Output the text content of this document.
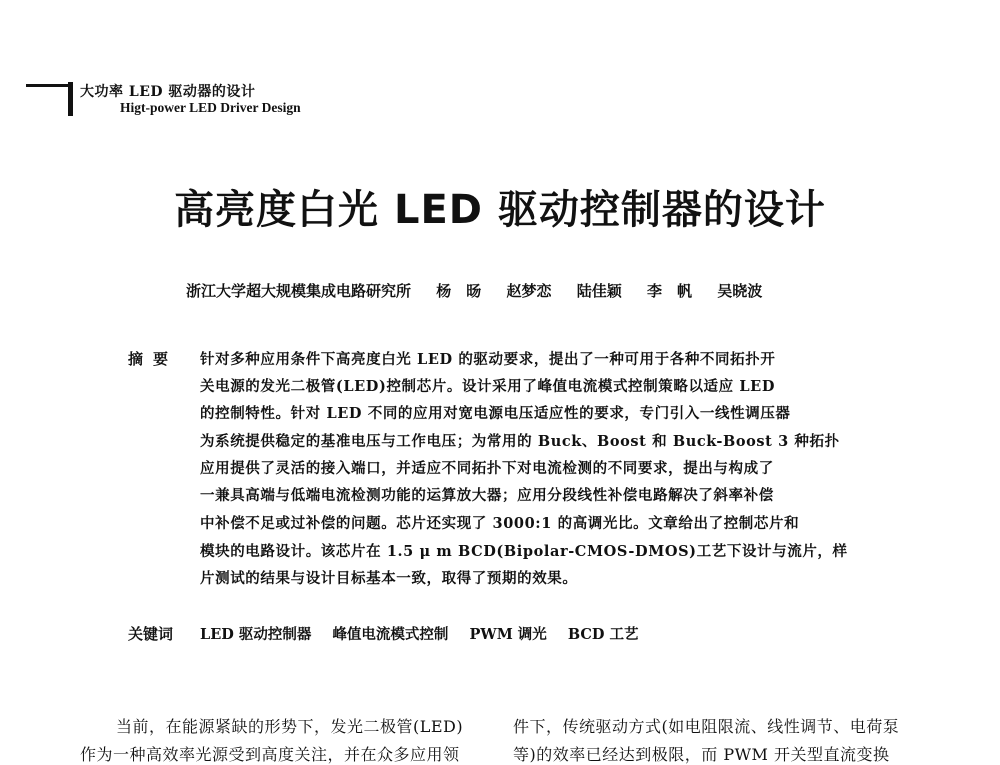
大功率 LED 驱动器的设计
Higt-power LED Driver Design
高亮度白光 LED 驱动控制器的设计
浙江大学超大规模集成电路研究所 杨　旸 赵梦恋 陆佳颖 李　帆 吴晓波
摘要 针对多种应用条件下高亮度白光 LED 的驱动要求，提出了一种可用于各种不同拓扑开
关电源的发光二极管(LED)控制芯片。设计采用了峰值电流模式控制策略以适应 LED
的控制特性。针对 LED 不同的应用对宽电源电压适应性的要求，专门引入一线性调压器
为系统提供稳定的基准电压与工作电压；为常用的 Buck、Boost 和 Buck-Boost 3 种拓扑
应用提供了灵活的接入端口，并适应不同拓扑下对电流检测的不同要求，提出与构成了
一兼具高端与低端电流检测功能的运算放大器；应用分段线性补偿电路解决了斜率补偿
中补偿不足或过补偿的问题。芯片还实现了 3000:1 的高调光比。文章给出了控制芯片和
模块的电路设计。该芯片在 1.5 μ m BCD(Bipolar-CMOS-DMOS)工艺下设计与流片，样
片测试的结果与设计目标基本一致，取得了预期的效果。
关键词 LED 驱动控制器 峰值电流模式控制 PWM 调光 BCD 工艺
当前，在能源紧缺的形势下，发光二极管(LED)
作为一种高效率光源受到高度关注，并在众多应用领
件下，传统驱动方式(如电阻限流、线性调节、电荷泵
等)的效率已经达到极限，而 PWM 开关型直流变换
